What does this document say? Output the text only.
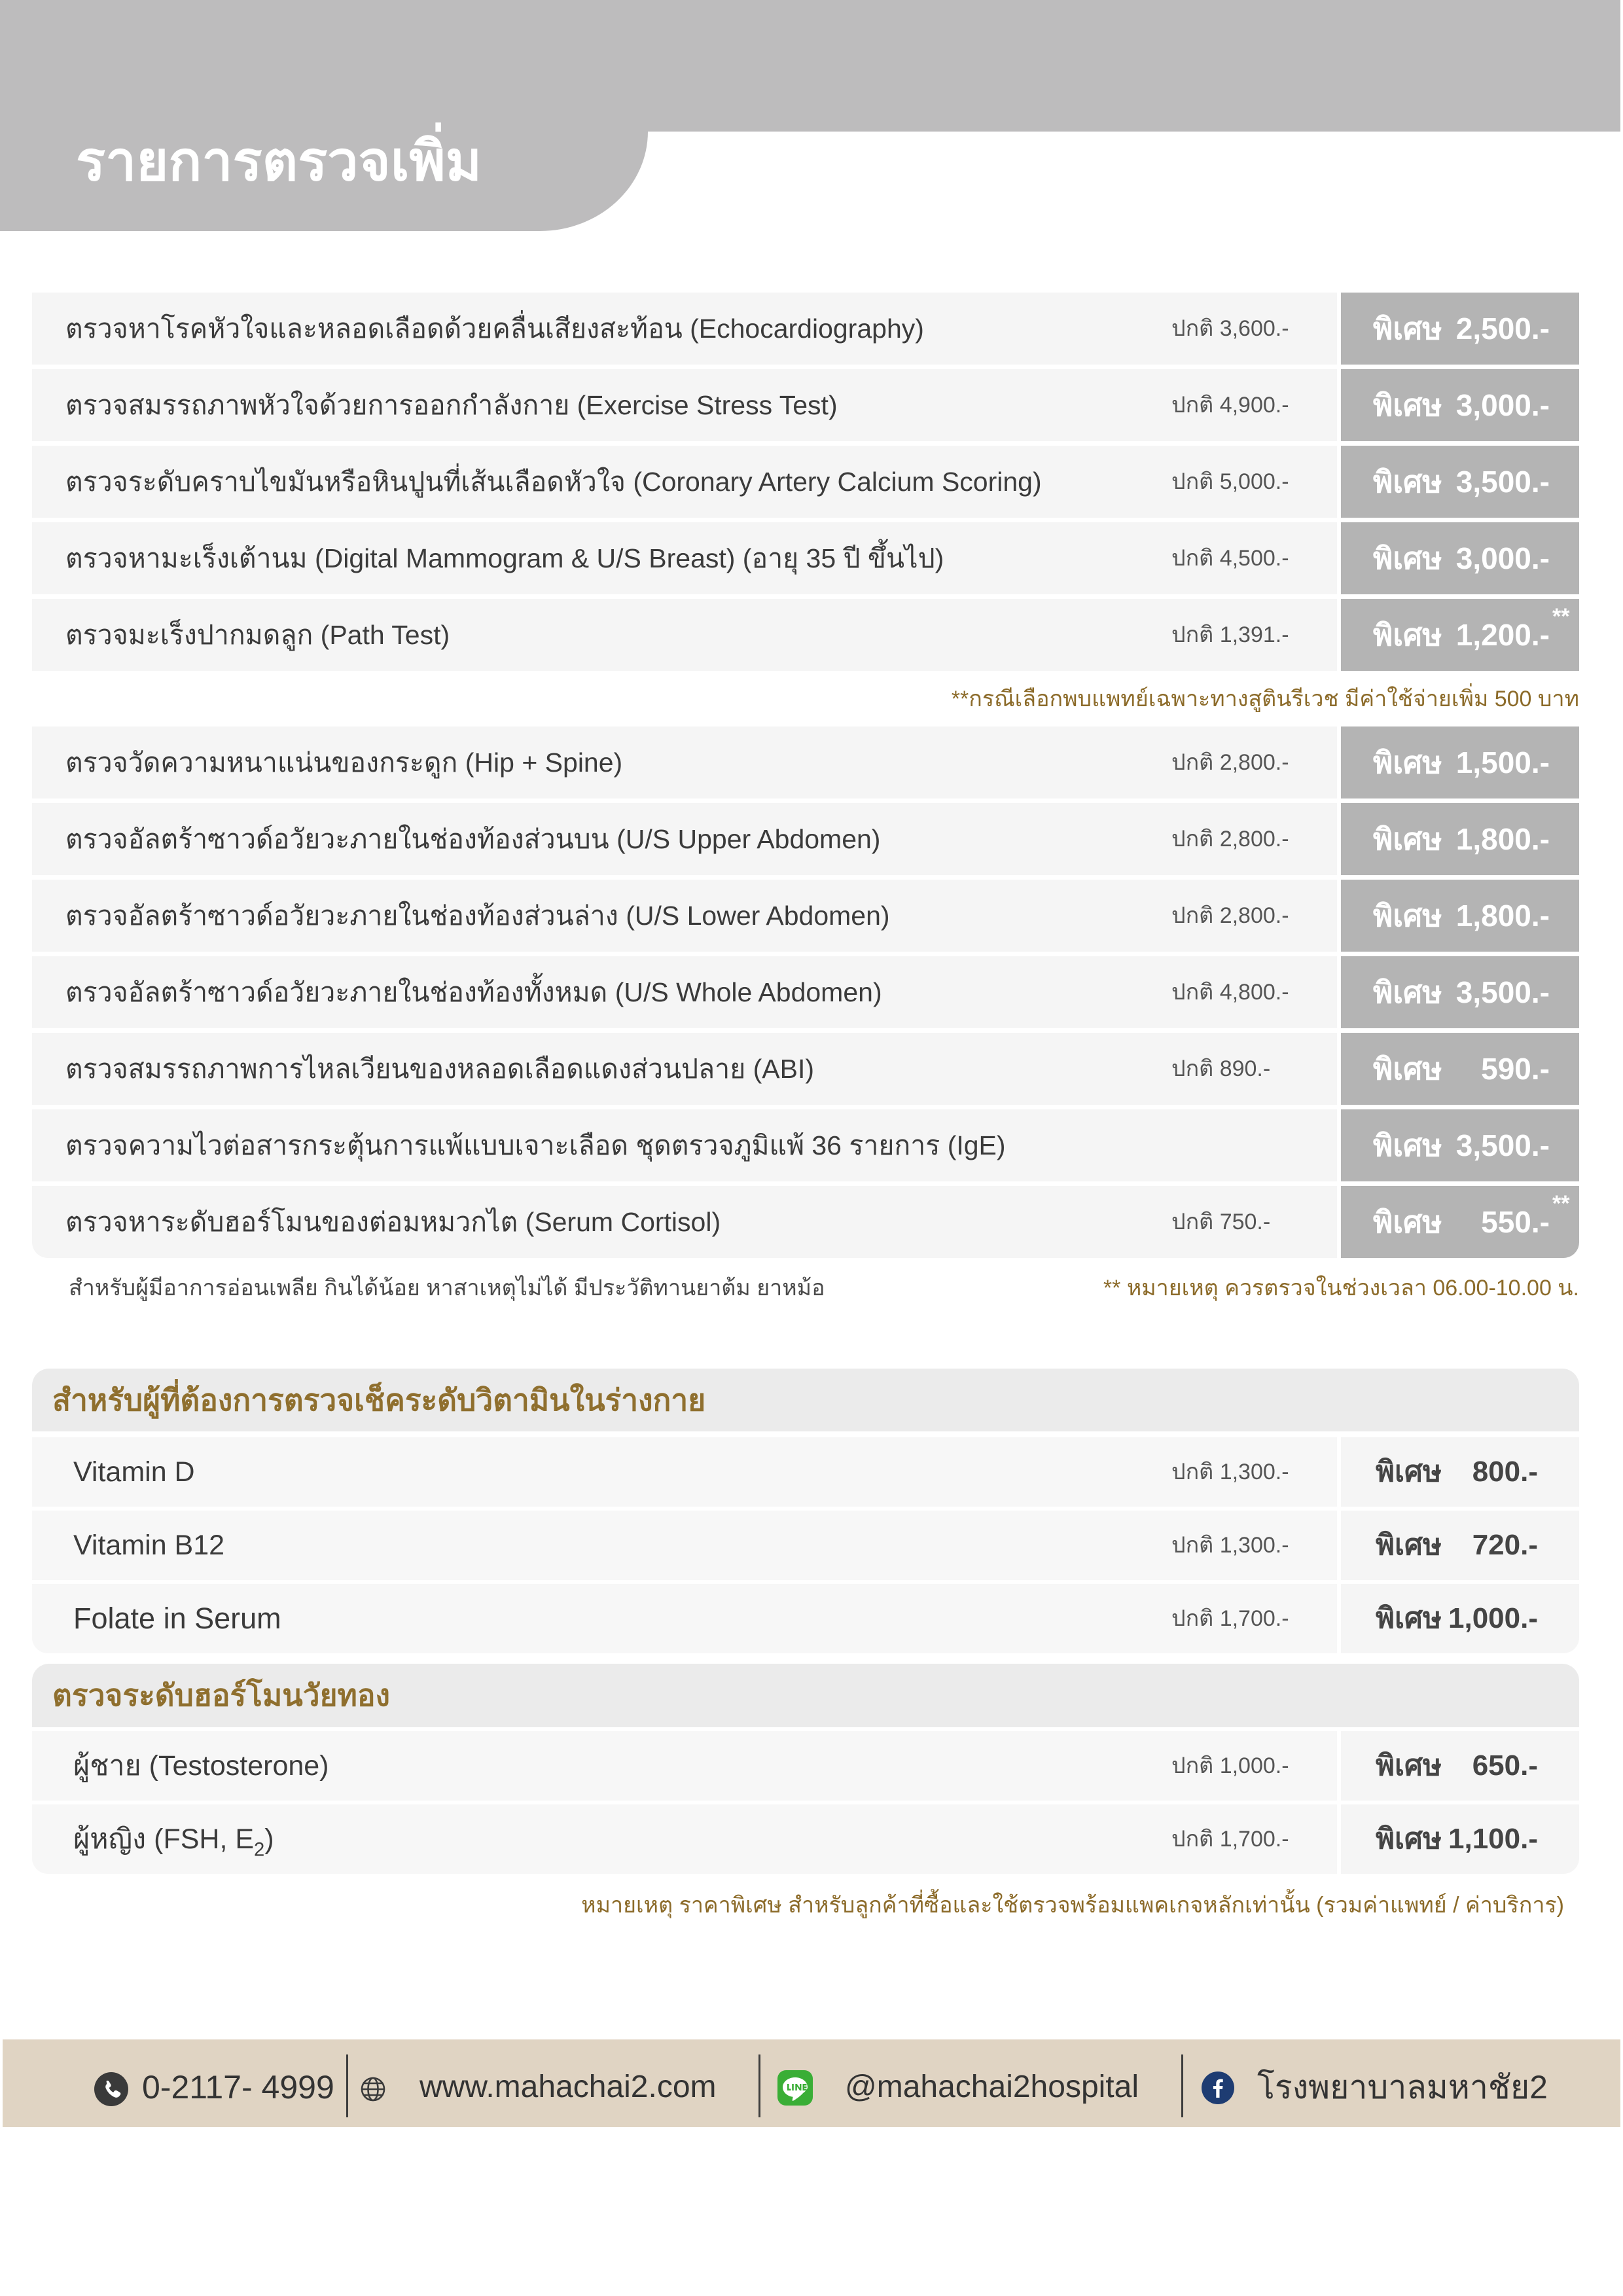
รายการตรวจเพิ่ม
ตรวจหาโรคหัวใจและหลอดเลือดด้วยคลื่นเสียงสะท้อน (Echocardiography)	ปกติ 3,600.-	พิเศษ 2,500.-
ตรวจสมรรถภาพหัวใจด้วยการออกกำลังกาย (Exercise Stress Test)	ปกติ 4,900.-	พิเศษ 3,000.-
ตรวจระดับคราบไขมันหรือหินปูนที่เส้นเลือดหัวใจ (Coronary Artery Calcium Scoring)	ปกติ 5,000.-	พิเศษ 3,500.-
ตรวจหามะเร็งเต้านม (Digital Mammogram & U/S Breast) (อายุ 35 ปี ขึ้นไป)	ปกติ 4,500.-	พิเศษ 3,000.-
ตรวจมะเร็งปากมดลูก (Path Test)	ปกติ 1,391.-	พิเศษ 1,200.-
**
**กรณีเลือกพบแพทย์เฉพาะทางสูตินรีเวช มีค่าใช้จ่ายเพิ่ม 500 บาท
ตรวจวัดความหนาแน่นของกระดูก (Hip + Spine)	ปกติ 2,800.-	พิเศษ 1,500.-
ตรวจอัลตร้าซาวด์อวัยวะภายในช่องท้องส่วนบน (U/S Upper Abdomen)	ปกติ 2,800.-	พิเศษ 1,800.-
ตรวจอัลตร้าซาวด์อวัยวะภายในช่องท้องส่วนล่าง (U/S Lower Abdomen)	ปกติ 2,800.-	พิเศษ 1,800.-
ตรวจอัลตร้าซาวด์อวัยวะภายในช่องท้องทั้งหมด (U/S Whole Abdomen)	ปกติ 4,800.-	พิเศษ 3,500.-
ตรวจสมรรถภาพการไหลเวียนของหลอดเลือดแดงส่วนปลาย (ABI)	ปกติ 890.-	พิเศษ 590.-
ตรวจความไวต่อสารกระตุ้นการแพ้แบบเจาะเลือด ชุดตรวจภูมิแพ้ 36 รายการ (IgE)	พิเศษ 3,500.-
ตรวจหาระดับฮอร์โมนของต่อมหมวกไต (Serum Cortisol)	ปกติ 750.-	พิเศษ 550.-
**
สำหรับผู้มีอาการอ่อนเพลีย กินได้น้อย หาสาเหตุไม่ได้ มีประวัติทานยาต้ม ยาหม้อ	** หมายเหตุ ควรตรวจในช่วงเวลา 06.00-10.00 น.
สำหรับผู้ที่ต้องการตรวจเช็คระดับวิตามินในร่างกาย
Vitamin D	ปกติ 1,300.-	พิเศษ 800.-
Vitamin B12	ปกติ 1,300.-	พิเศษ 720.-
Folate in Serum	ปกติ 1,700.-	พิเศษ 1,000.-
ตรวจระดับฮอร์โมนวัยทอง
ผู้ชาย (Testosterone)	ปกติ 1,000.-	พิเศษ 650.-
ผู้หญิง (FSH, $E_2$)	ปกติ 1,700.-	พิเศษ 1,100.-
หมายเหตุ ราคาพิเศษ สำหรับลูกค้าที่ซื้อและใช้ตรวจพร้อมแพคเกจหลักเท่านั้น (รวมค่าแพทย์ / ค่าบริการ)
0-2117- 4999	www.mahachai2.com	@mahachai2hospital	โรงพยาบาลมหาชัย2
